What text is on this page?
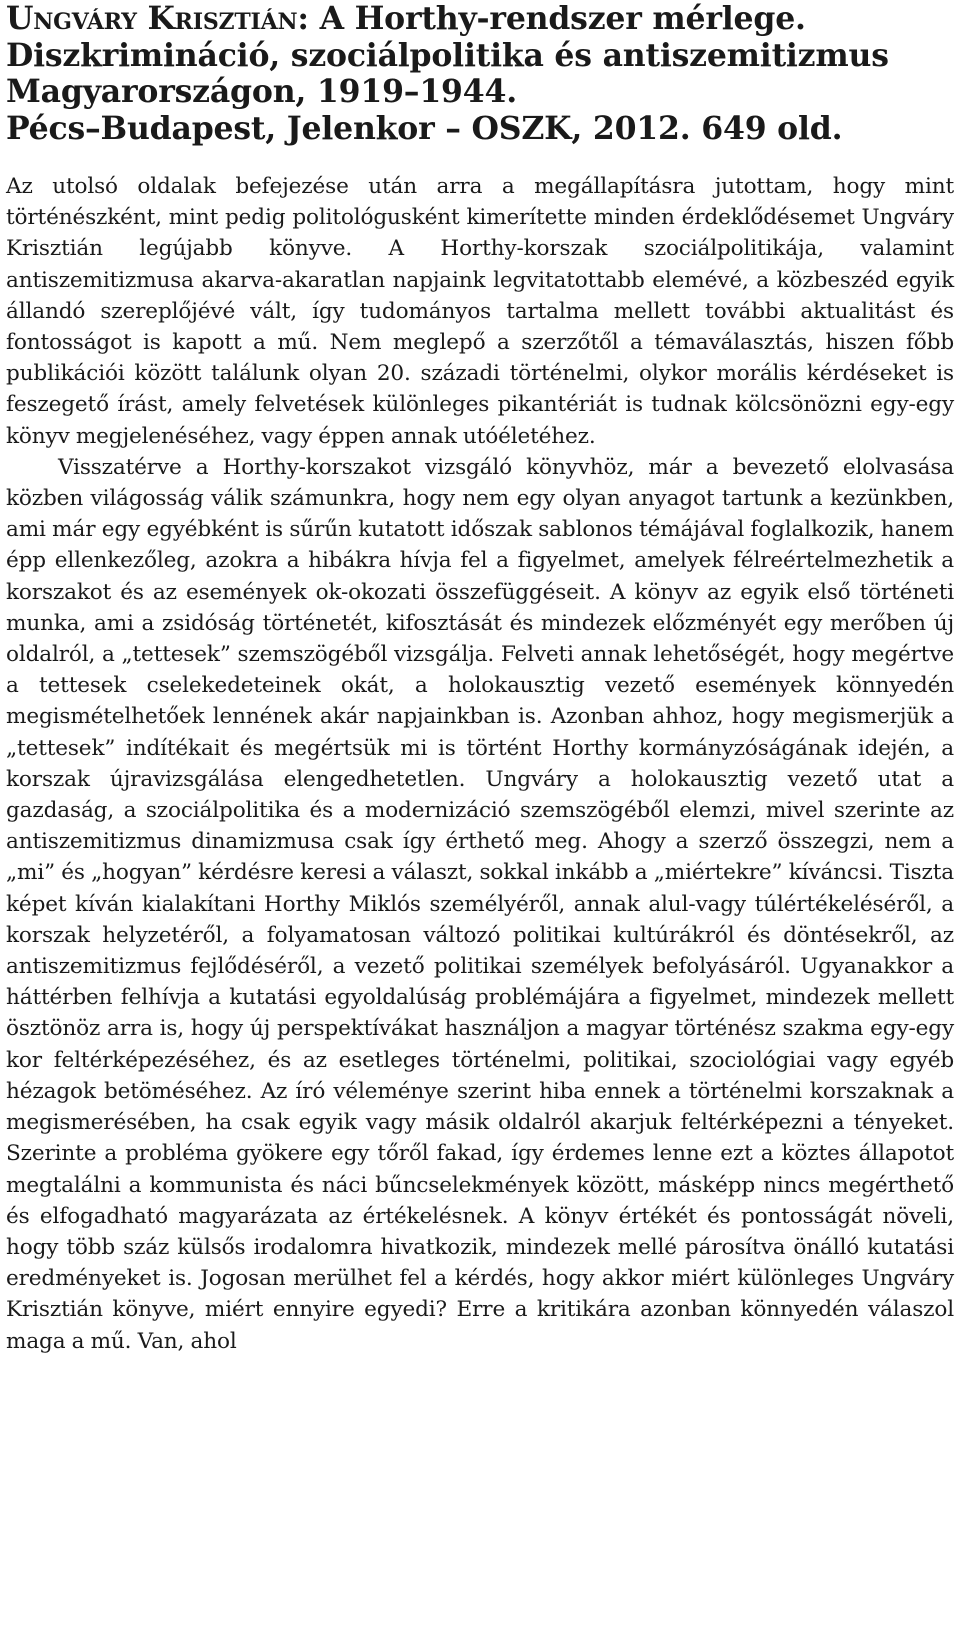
Ungváry Krisztián: A Horthy-rendszer mérlege.
Diszkrimináció, szociálpolitika és antiszemitizmus
Magyarországon, 1919–1944.
Pécs–Budapest, Jelenkor – OSZK, 2012. 649 old.

Az utolsó oldalak befejezése után arra a megállapításra jutottam, hogy mint történészként, mint pedig politológusként kimerítette minden érdeklődésemet Ungváry Krisztián legújabb könyve. A Horthy-korszak szociálpolitikája, valamint antiszemitizmusa akarva-akaratlan napjaink legvitatottabb elemévé, a közbeszéd egyik állandó szereplőjévé vált, így tudományos tartalma mellett további aktualitást és fontosságot is kapott a mű. Nem meglepő a szerzőtől a témaválasztás, hiszen főbb publikációi között találunk olyan 20. századi történelmi, olykor morális kérdéseket is feszegető írást, amely felvetések különleges pikantériát is tudnak kölcsönözni egy-egy könyv megjelenéséhez, vagy éppen annak utóéletéhez.

Visszatérve a Horthy-korszakot vizsgáló könyvhöz, már a bevezető elolvasása közben világosság válik számunkra, hogy nem egy olyan anyagot tartunk a kezünkben, ami már egy egyébként is sűrűn kutatott időszak sablonos témájával foglalkozik, hanem épp ellenkezőleg, azokra a hibákra hívja fel a figyelmet, amelyek félreértelmezhetik a korszakot és az események ok-okozati összefüggéseit. A könyv az egyik első történeti munka, ami a zsidóság történetét, kifosztását és mindezek előzményét egy merőben új oldalról, a „tettesek” szemszögéből vizsgálja. Felveti annak lehetőségét, hogy megértve a tettesek cselekedeteinek okát, a holokausztig vezető események könnyedén megismételhetőek lennének akár napjainkban is. Azonban ahhoz, hogy megismerjük a „tettesek” indítékait és megértsük mi is történt Horthy kormányzóságának idején, a korszak újravizsgálása elengedhetetlen. Ungváry a holokausztig vezető utat a gazdaság, a szociálpolitika és a modernizáció szemszögéből elemzi, mivel szerinte az antiszemitizmus dinamizmusa csak így érthető meg. Ahogy a szerző összegzi, nem a „mi” és „hogyan” kérdésre keresi a választ, sokkal inkább a „miértekre” kíváncsi. Tiszta képet kíván kialakítani Horthy Miklós személyéről, annak alul-vagy túlértékeléséről, a korszak helyzetéről, a folyamatosan változó politikai kultúrákról és döntésekről, az antiszemitizmus fejlődéséről, a vezető politikai személyek befolyásáról. Ugyanakkor a háttérben felhívja a kutatási egyoldalúság problémájára a figyelmet, mindezek mellett ösztönöz arra is, hogy új perspektívákat használjon a magyar történész szakma egy-egy kor feltérképezéséhez, és az esetleges történelmi, politikai, szociológiai vagy egyéb hézagok betöméséhez. Az író véleménye szerint hiba ennek a történelmi korszaknak a megismerésében, ha csak egyik vagy másik oldalról akarjuk feltérképezni a tényeket. Szerinte a probléma gyökere egy tőről fakad, így érdemes lenne ezt a köztes állapotot megtalálni a kommunista és náci bűncselekmények között, másképp nincs megérthető és elfogadható magyarázata az értékelésnek. A könyv értékét és pontosságát növeli, hogy több száz külsős irodalomra hivatkozik, mindezek mellé párosítva önálló kutatási eredményeket is. Jogosan merülhet fel a kérdés, hogy akkor miért különleges Ungváry Krisztián könyve, miért ennyire egyedi? Erre a kritikára azonban könnyedén válaszol maga a mű. Van, ahol
